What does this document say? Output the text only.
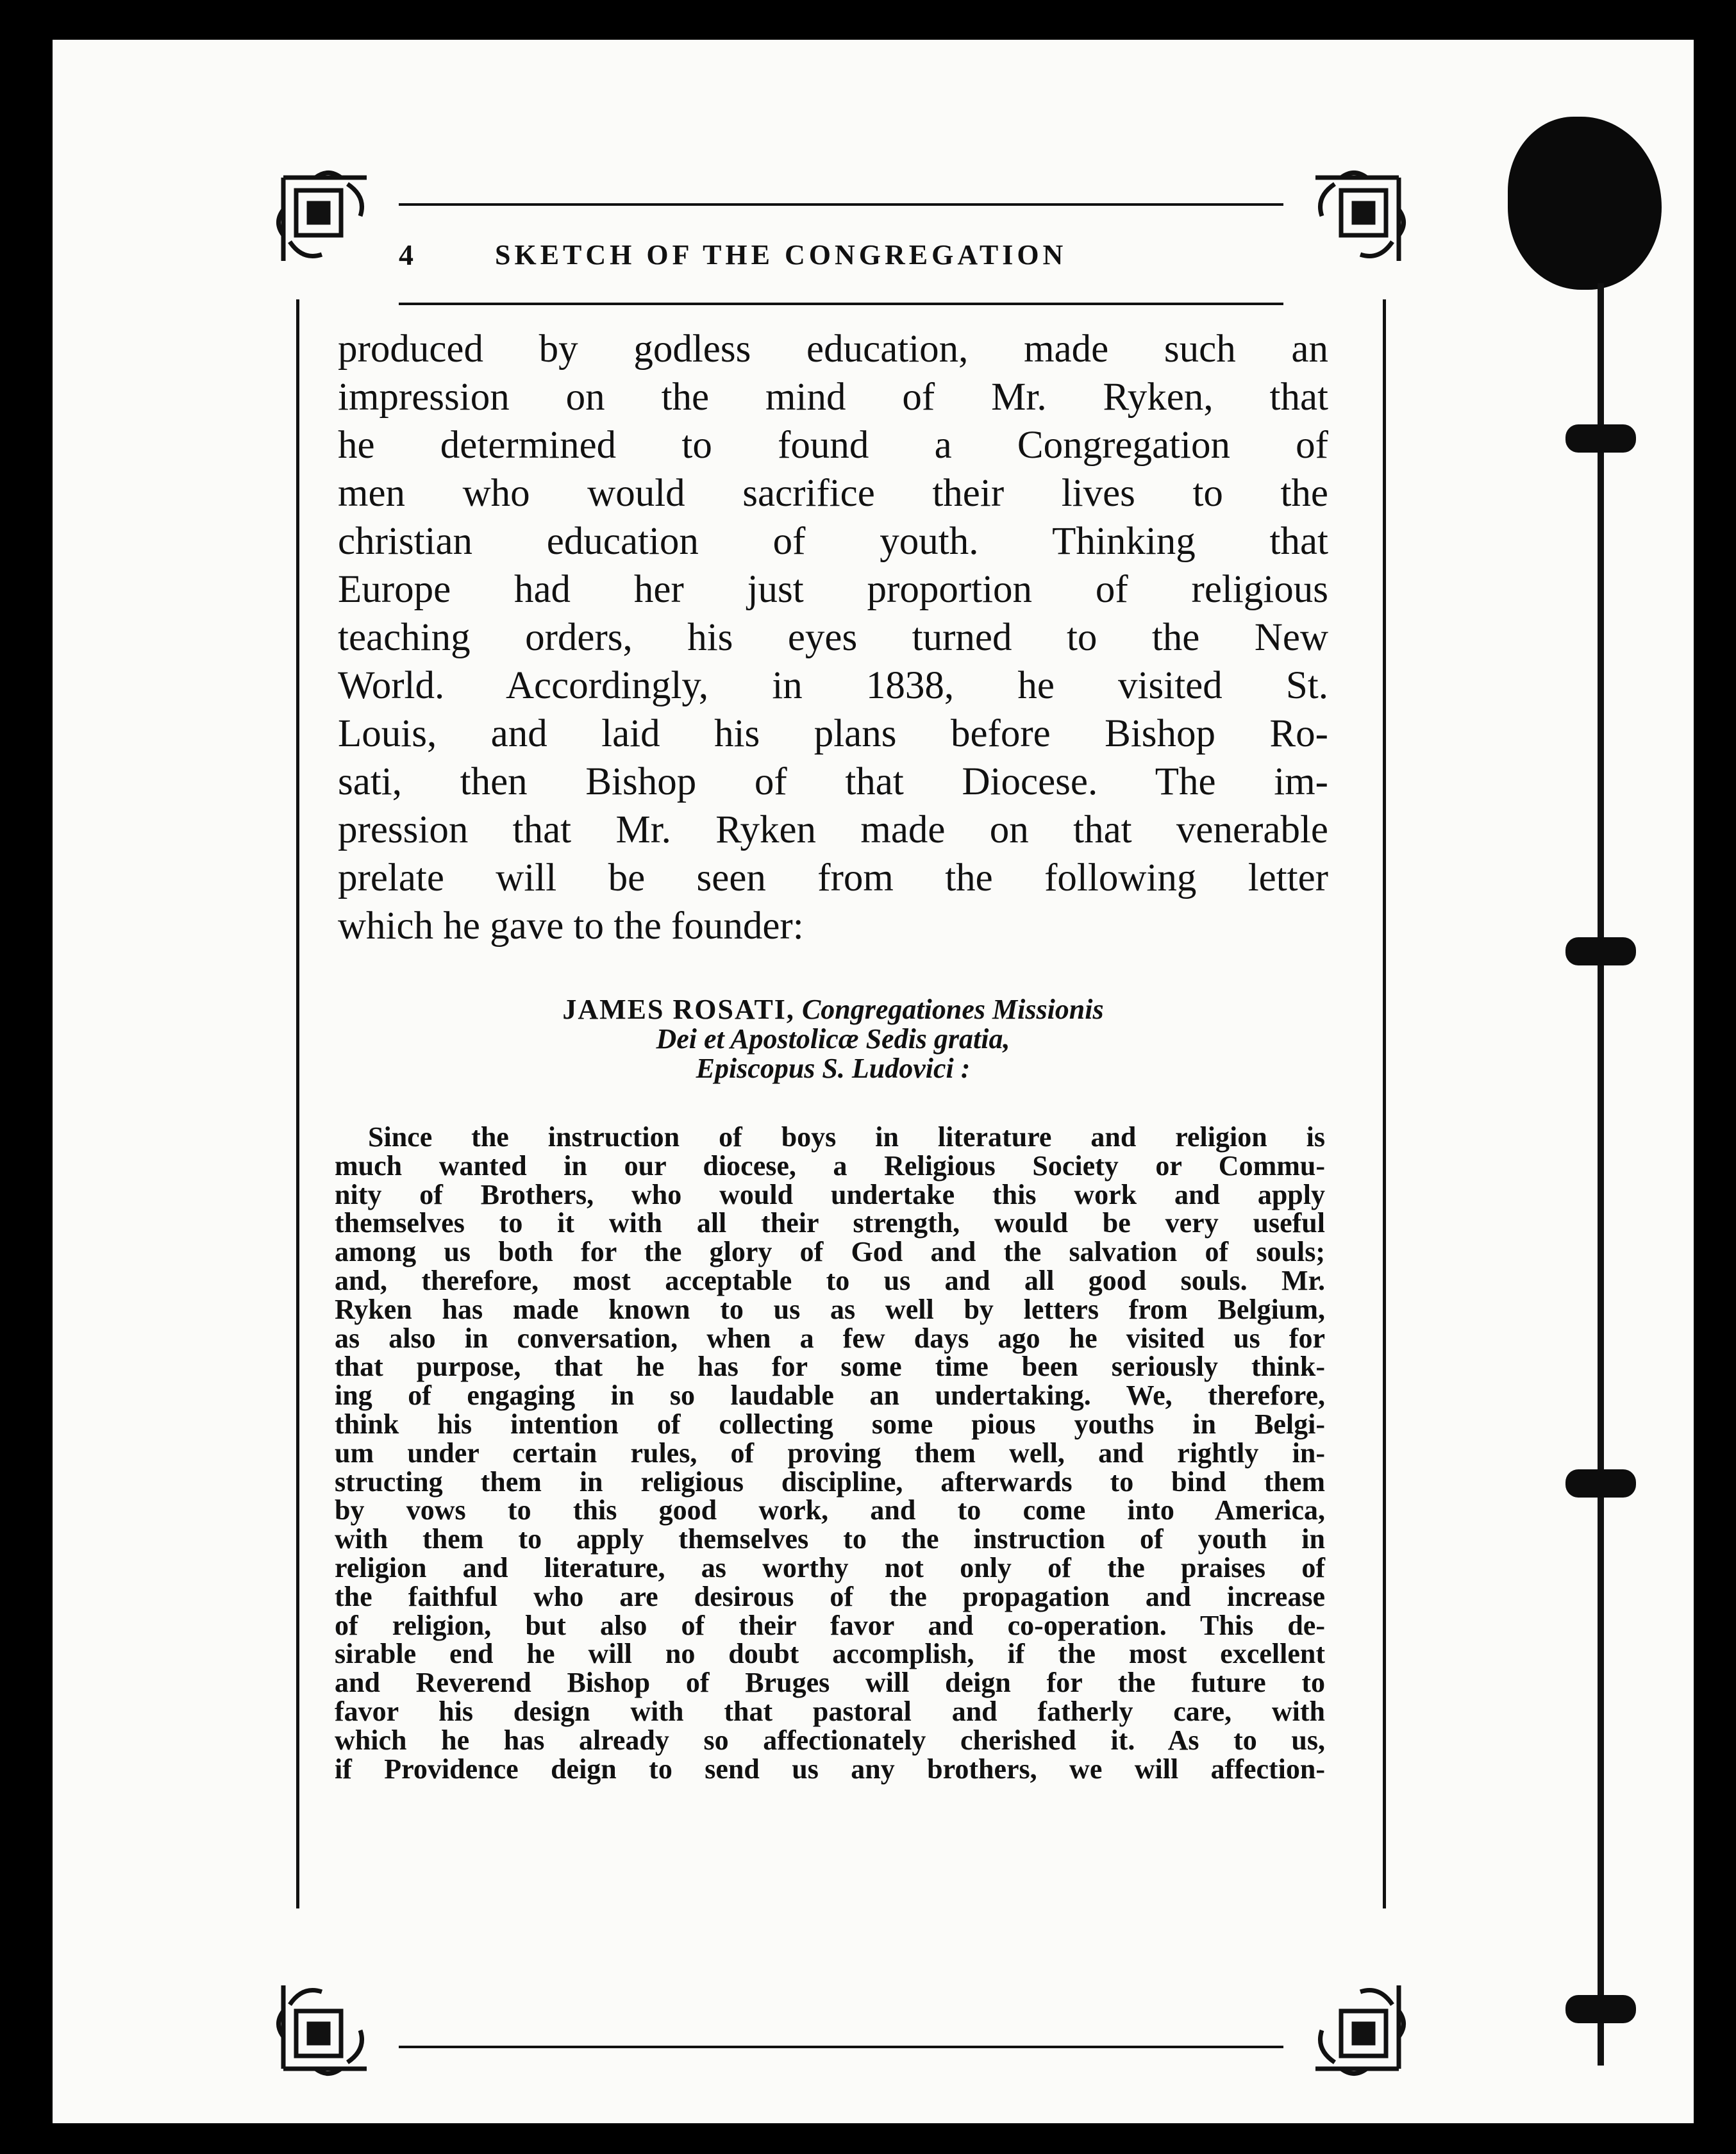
4	SKETCH OF THE CONGREGATION
produced by godless education, made such an
impression on the mind of Mr. Ryken, that
he determined to found a Congregation of
men who would sacrifice their lives to the
christian education of youth. Thinking that
Europe had her just proportion of religious
teaching orders, his eyes turned to the New
World. Accordingly, in 1838, he visited St.
Louis, and laid his plans before Bishop Ro-
sati, then Bishop of that Diocese. The im-
pression that Mr. Ryken made on that venerable
prelate will be seen from the following letter
which he gave to the founder:
JAMES ROSATI, Congregationes Missionis
Dei et Apostolicæ Sedis gratia,
Episcopus S. Ludovici :
Since the instruction of boys in literature and religion is
much wanted in our diocese, a Religious Society or Commu-
nity of Brothers, who would undertake this work and apply
themselves to it with all their strength, would be very useful
among us both for the glory of God and the salvation of souls;
and, therefore, most acceptable to us and all good souls. Mr.
Ryken has made known to us as well by letters from Belgium,
as also in conversation, when a few days ago he visited us for
that purpose, that he has for some time been seriously think-
ing of engaging in so laudable an undertaking. We, therefore,
think his intention of collecting some pious youths in Belgi-
um under certain rules, of proving them well, and rightly in-
structing them in religious discipline, afterwards to bind them
by vows to this good work, and to come into America,
with them to apply themselves to the instruction of youth in
religion and literature, as worthy not only of the praises of
the faithful who are desirous of the propagation and increase
of religion, but also of their favor and co-operation. This de-
sirable end he will no doubt accomplish, if the most excellent
and Reverend Bishop of Bruges will deign for the future to
favor his design with that pastoral and fatherly care, with
which he has already so affectionately cherished it. As to us,
if Providence deign to send us any brothers, we will affection-
